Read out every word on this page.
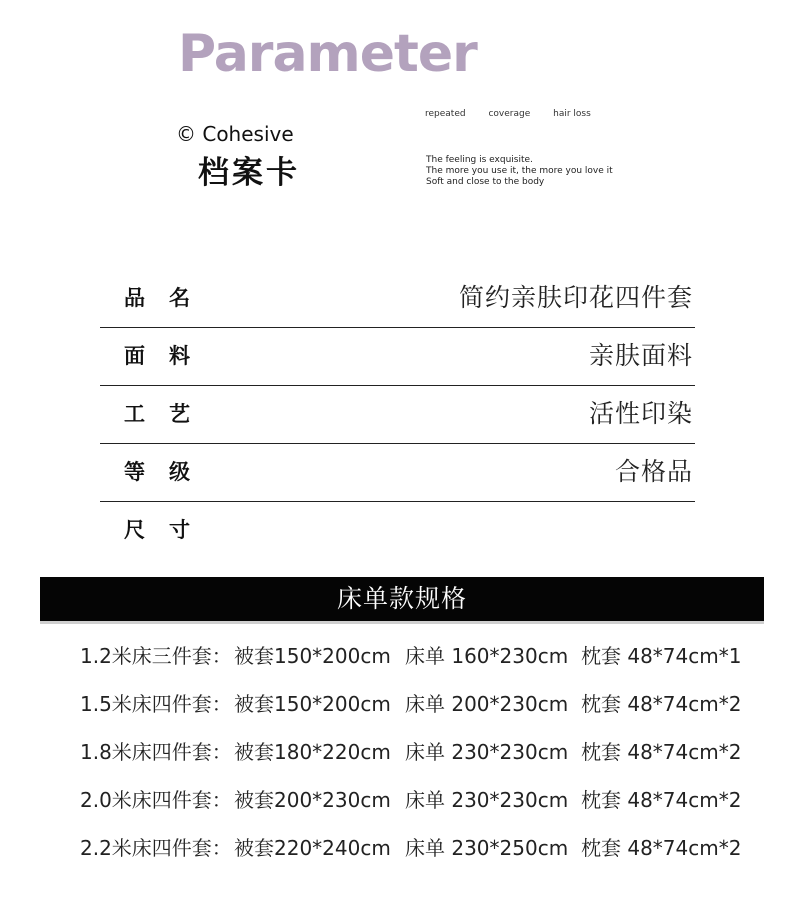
Parameter
© Cohesive
档案卡
repeated	coverage	hair loss
The feeling is exquisite.
The more you use it, the more you love it
Soft and close to the body
品名	简约亲肤印花四件套
面料	亲肤面料
工艺	活性印染
等级	合格品
尺寸
床单款规格
1.2米床三件套： 被套150*200cm 床单 160*230cm 枕套 48*74cm*1
1.5米床四件套： 被套150*200cm 床单 200*230cm 枕套 48*74cm*2
1.8米床四件套： 被套180*220cm 床单 230*230cm 枕套 48*74cm*2
2.0米床四件套： 被套200*230cm 床单 230*230cm 枕套 48*74cm*2
2.2米床四件套： 被套220*240cm 床单 230*250cm 枕套 48*74cm*2
